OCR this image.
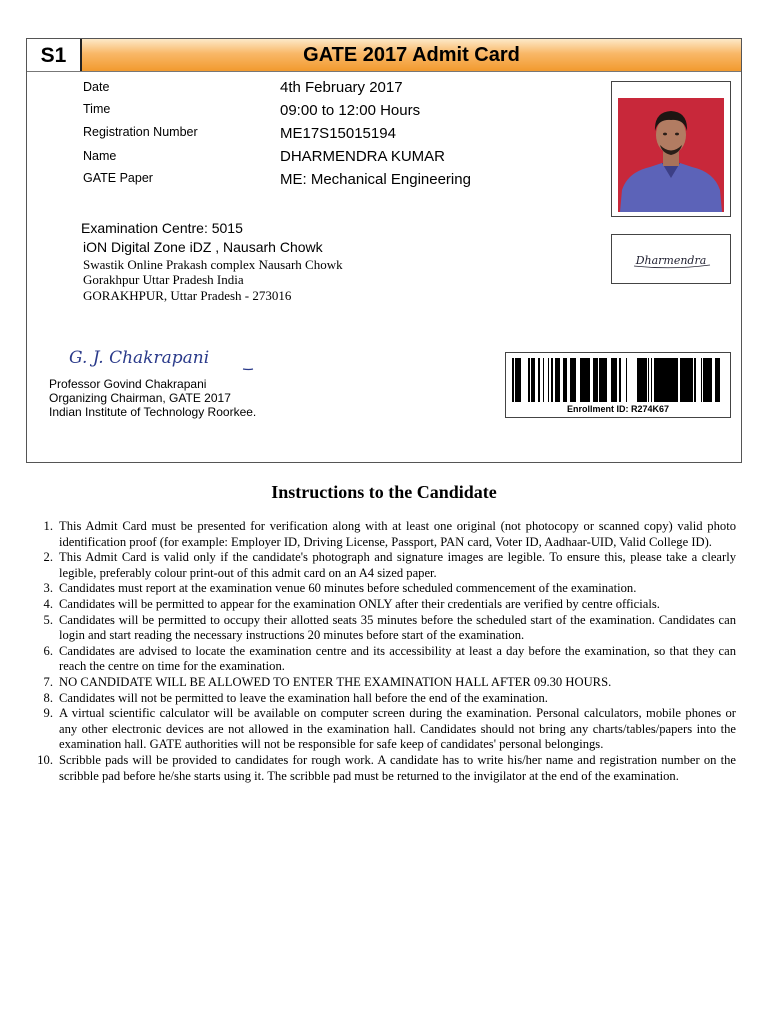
S1	GATE 2017 Admit Card
Date	4th February 2017
Time	09:00 to 12:00 Hours
Registration Number	ME17S15015194
Name	DHARMENDRA KUMAR
GATE Paper	ME: Mechanical Engineering
Dharmendra
Examination Centre: 5015
iON Digital Zone iDZ , Nausarh Chowk
Swastik Online Prakash complex Nausarh Chowk
Gorakhpur Uttar Pradesh India
GORAKHPUR, Uttar Pradesh - 273016
G. J. Chakrapani
Professor Govind Chakrapani
Organizing Chairman, GATE 2017
Indian Institute of Technology Roorkee.	Enrollment ID: R274K67
Instructions to the Candidate
1. This Admit Card must be presented for verification along with at least one original (not photocopy or scanned copy) valid photo identification proof (for example: Employer ID, Driving License, Passport, PAN card, Voter ID, Aadhaar-UID, Valid College ID).
2. This Admit Card is valid only if the candidate's photograph and signature images are legible. To ensure this, please take a clearly legible, preferably colour print-out of this admit card on an A4 sized paper.
3. Candidates must report at the examination venue 60 minutes before scheduled commencement of the examination.
4. Candidates will be permitted to appear for the examination ONLY after their credentials are verified by centre officials.
5. Candidates will be permitted to occupy their allotted seats 35 minutes before the scheduled start of the examination. Candidates can login and start reading the necessary instructions 20 minutes before start of the examination.
6. Candidates are advised to locate the examination centre and its accessibility at least a day before the examination, so that they can reach the centre on time for the examination.
7. NO CANDIDATE WILL BE ALLOWED TO ENTER THE EXAMINATION HALL AFTER 09.30 HOURS.
8. Candidates will not be permitted to leave the examination hall before the end of the examination.
9. A virtual scientific calculator will be available on computer screen during the examination. Personal calculators, mobile phones or any other electronic devices are not allowed in the examination hall. Candidates should not bring any charts/tables/papers into the examination hall. GATE authorities will not be responsible for safe keep of candidates' personal belongings.
10. Scribble pads will be provided to candidates for rough work. A candidate has to write his/her name and registration number on the scribble pad before he/she starts using it. The scribble pad must be returned to the invigilator at the end of the examination.
